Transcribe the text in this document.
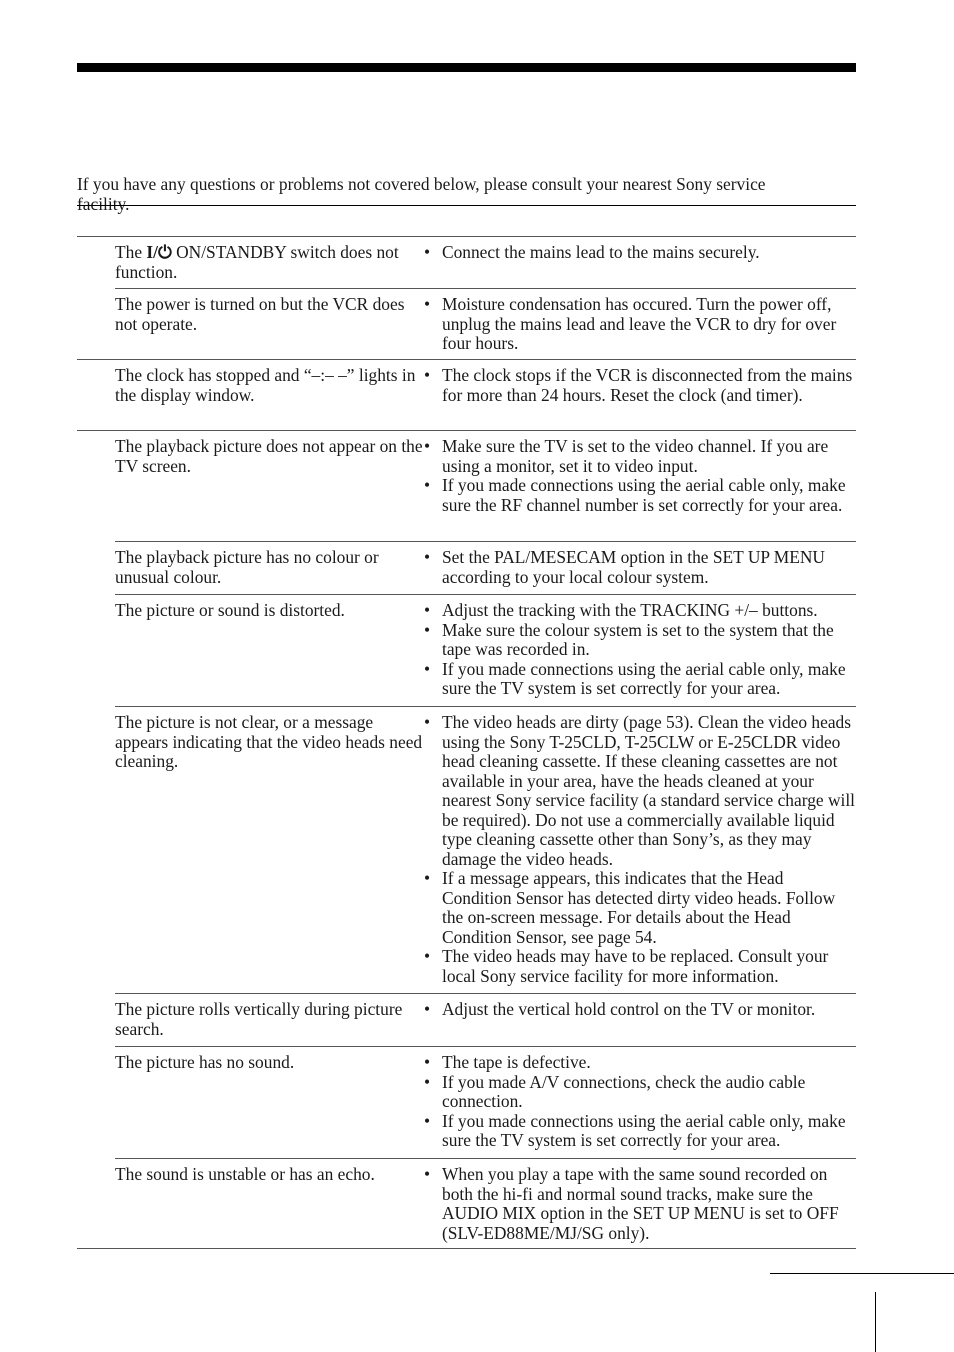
If you have any questions or problems not covered below, please consult your nearest Sony service facility.

The I/⏻ ON/STANDBY switch does not function.
• Connect the mains lead to the mains securely.
The power is turned on but the VCR does not operate.
• Moisture condensation has occured. Turn the power off, unplug the mains lead and leave the VCR to dry for over four hours.
The clock has stopped and “–:– –” lights in the display window.
• The clock stops if the VCR is disconnected from the mains for more than 24 hours. Reset the clock (and timer).
The playback picture does not appear on the TV screen.
• Make sure the TV is set to the video channel. If you are using a monitor, set it to video input.
• If you made connections using the aerial cable only, make sure the RF channel number is set correctly for your area.
The playback picture has no colour or unusual colour.
• Set the PAL/MESECAM option in the SET UP MENU according to your local colour system.
The picture or sound is distorted.	• Adjust the tracking with the TRACKING +/– buttons.
• Make sure the colour system is set to the system that the tape was recorded in.
• If you made connections using the aerial cable only, make sure the TV system is set correctly for your area.
The picture is not clear, or a message appears indicating that the video heads need cleaning.
• The video heads are dirty (page 53). Clean the video heads using the Sony T-25CLD, T-25CLW or E-25CLDR video head cleaning cassette. If these cleaning cassettes are not available in your area, have the heads cleaned at your nearest Sony service facility (a standard service charge will be required). Do not use a commercially available liquid type cleaning cassette other than Sony’s, as they may damage the video heads.
• If a message appears, this indicates that the Head Condition Sensor has detected dirty video heads. Follow the on-screen message. For details about the Head Condition Sensor, see page 54.
• The video heads may have to be replaced. Consult your local Sony service facility for more information.
The picture rolls vertically during picture search.
• Adjust the vertical hold control on the TV or monitor.
The picture has no sound.	• The tape is defective.
• If you made A/V connections, check the audio cable connection.
• If you made connections using the aerial cable only, make sure the TV system is set correctly for your area.
The sound is unstable or has an echo.	• When you play a tape with the same sound recorded on both the hi-fi and normal sound tracks, make sure the AUDIO MIX option in the SET UP MENU is set to OFF (SLV-ED88ME/MJ/SG only).
